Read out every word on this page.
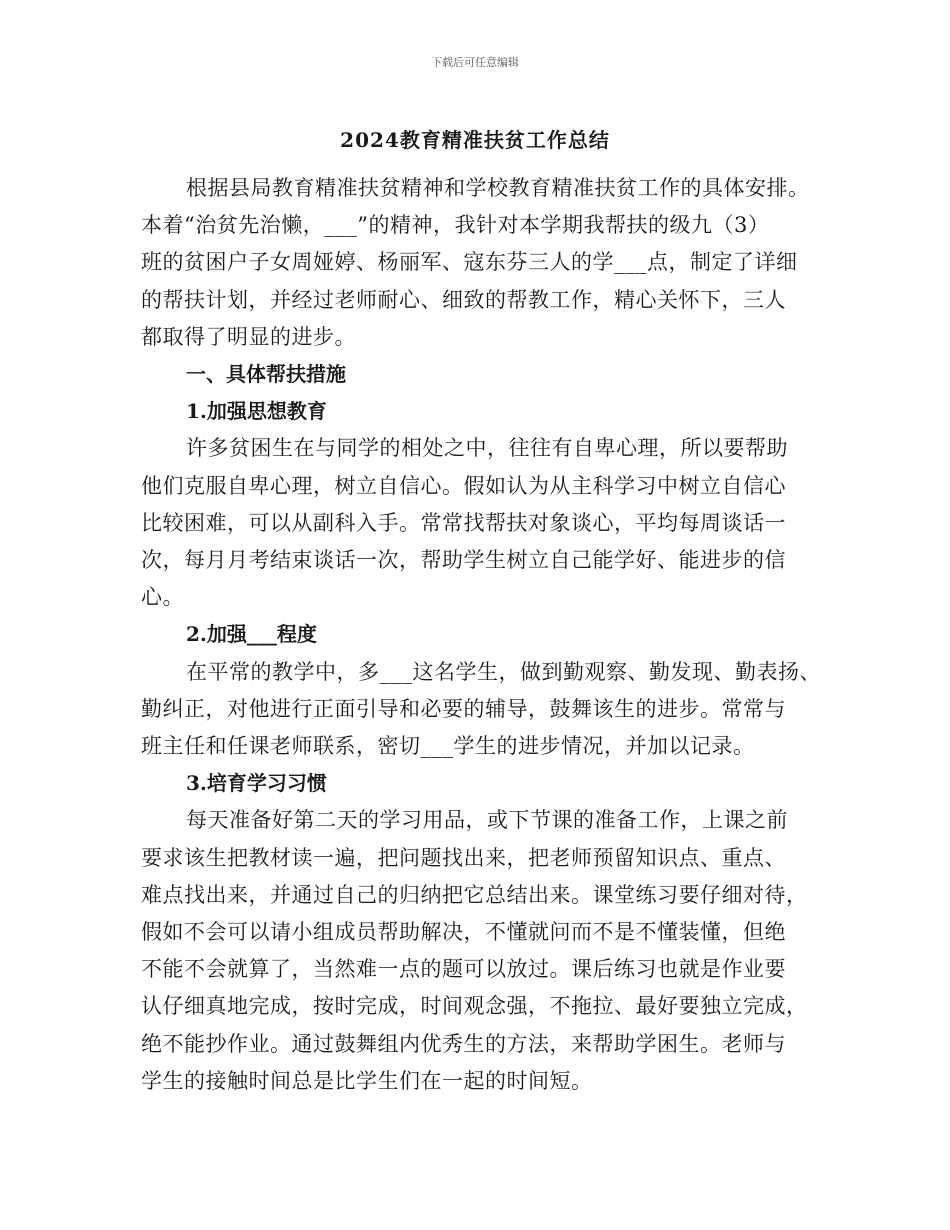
下载后可任意编辑
2024教育精准扶贫工作总结

根据县局教育精准扶贫精神和学校教育精准扶贫工作的具体安排。
本着“治贫先治懒，___”的精神，我针对本学期我帮扶的级九（3）
班的贫困户子女周娅婷、杨丽军、寇东芬三人的学___点，制定了详细
的帮扶计划，并经过老师耐心、细致的帮教工作，精心关怀下，三人
都取得了明显的进步。

一、具体帮扶措施
1.加强思想教育

许多贫困生在与同学的相处之中，往往有自卑心理，所以要帮助
他们克服自卑心理，树立自信心。假如认为从主科学习中树立自信心
比较困难，可以从副科入手。常常找帮扶对象谈心，平均每周谈话一
次，每月月考结束谈话一次，帮助学生树立自己能学好、能进步的信
心。

2.加强___程度

在平常的教学中，多___这名学生，做到勤观察、勤发现、勤表扬、
勤纠正，对他进行正面引导和必要的辅导，鼓舞该生的进步。常常与
班主任和任课老师联系，密切___学生的进步情况，并加以记录。

3.培育学习习惯

每天准备好第二天的学习用品，或下节课的准备工作，上课之前
要求该生把教材读一遍，把问题找出来，把老师预留知识点、重点、
难点找出来，并通过自己的归纳把它总结出来。课堂练习要仔细对待，
假如不会可以请小组成员帮助解决，不懂就问而不是不懂装懂，但绝
不能不会就算了，当然难一点的题可以放过。课后练习也就是作业要
认仔细真地完成，按时完成，时间观念强，不拖拉、最好要独立完成，
绝不能抄作业。通过鼓舞组内优秀生的方法，来帮助学困生。老师与
学生的接触时间总是比学生们在一起的时间短。
